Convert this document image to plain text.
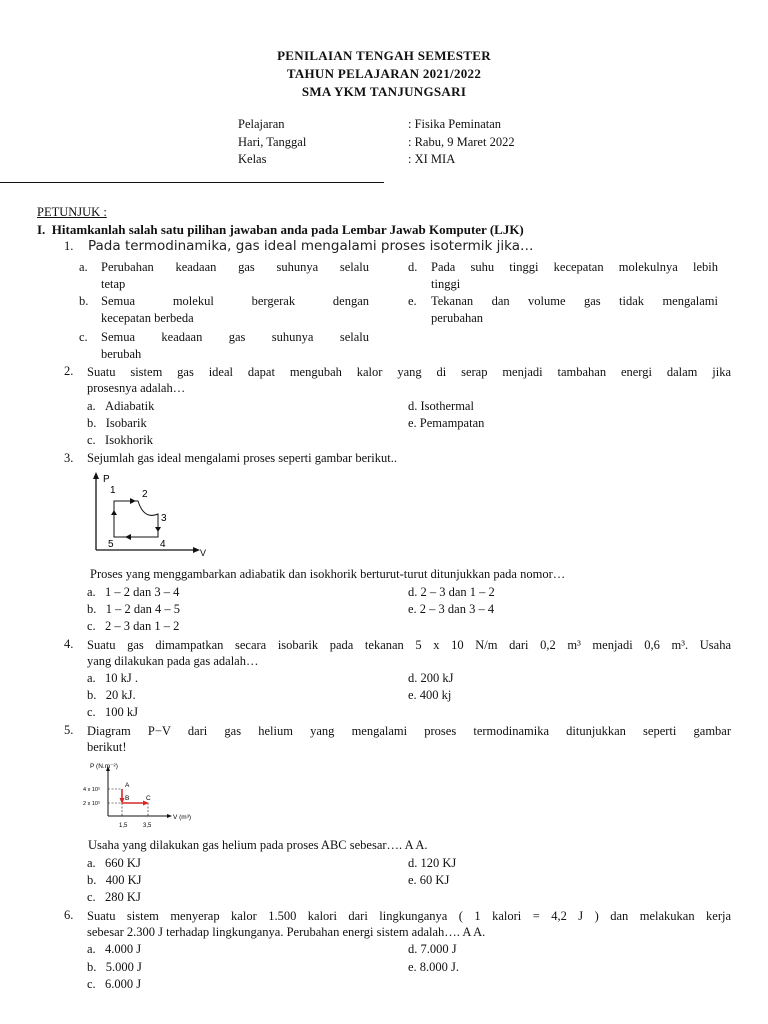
PENILAIAN TENGAH SEMESTER
TAHUN PELAJARAN 2021/2022
SMA YKM TANJUNGSARI
Pelajaran	: Fisika Peminatan
Hari, Tanggal	: Rabu, 9 Maret 2022
Kelas	: XI MIA
PETUNJUK :
I.  Hitamkanlah salah satu pilihan jawaban anda pada Lembar Jawab Komputer (LJK)
1. Pada termodinamika, gas ideal mengalami proses isotermik jika…
a. Perubahan keadaan gas suhunya selalu
tetap
b. Semua molekul bergerak dengan
kecepatan berbeda
c. Semua keadaan gas suhunya selalu
berubah
d. Pada suhu tinggi kecepatan molekulnya lebih
tinggi
e. Tekanan dan volume gas tidak mengalami
perubahan
2. Suatu sistem gas ideal dapat mengubah kalor yang di serap menjadi tambahan energi dalam jika
prosesnya adalah…
a.   Adiabatik
b.   Isobarik
c.   Isokhorik
d. Isothermal
e. Pemampatan
3. Sejumlah gas ideal mengalami proses seperti gambar berikut..
P
V
1	2
3
4
5
Proses yang menggambarkan adiabatik dan isokhorik berturut-turut ditunjukkan pada nomor…
a.   1 – 2 dan 3 – 4
b.   1 – 2 dan 4 – 5
c.   2 – 3 dan 1 – 2
d. 2 – 3 dan 1 – 2
e. 2 – 3 dan 3 – 4
4. Suatu gas dimampatkan secara isobarik pada tekanan 5 x 10 N/m dari 0,2 m³ menjadi 0,6 m³. Usaha
yang dilakukan pada gas adalah…
a.   10 kJ .
b.   20 kJ.
c.   100 kJ
d. 200 kJ
e. 400 kj
5. Diagram P−V dari gas helium yang mengalami proses termodinamika ditunjukkan seperti gambar
berikut!
P (N.m⁻²)
V (m³)
4 x 10⁵
2 x 10⁵
1,5	3,5
A
B	C
Usaha yang dilakukan gas helium pada proses ABC sebesar…. A A.
a.   660 KJ
b.   400 KJ
c.   280 KJ
d. 120 KJ
e. 60 KJ
6. Suatu sistem menyerap kalor 1.500 kalori dari lingkunganya ( 1 kalori = 4,2 J ) dan melakukan kerja
sebesar 2.300 J terhadap lingkunganya. Perubahan energi sistem adalah…. A A.
a.   4.000 J
b.   5.000 J
c.   6.000 J
d. 7.000 J
e. 8.000 J.
